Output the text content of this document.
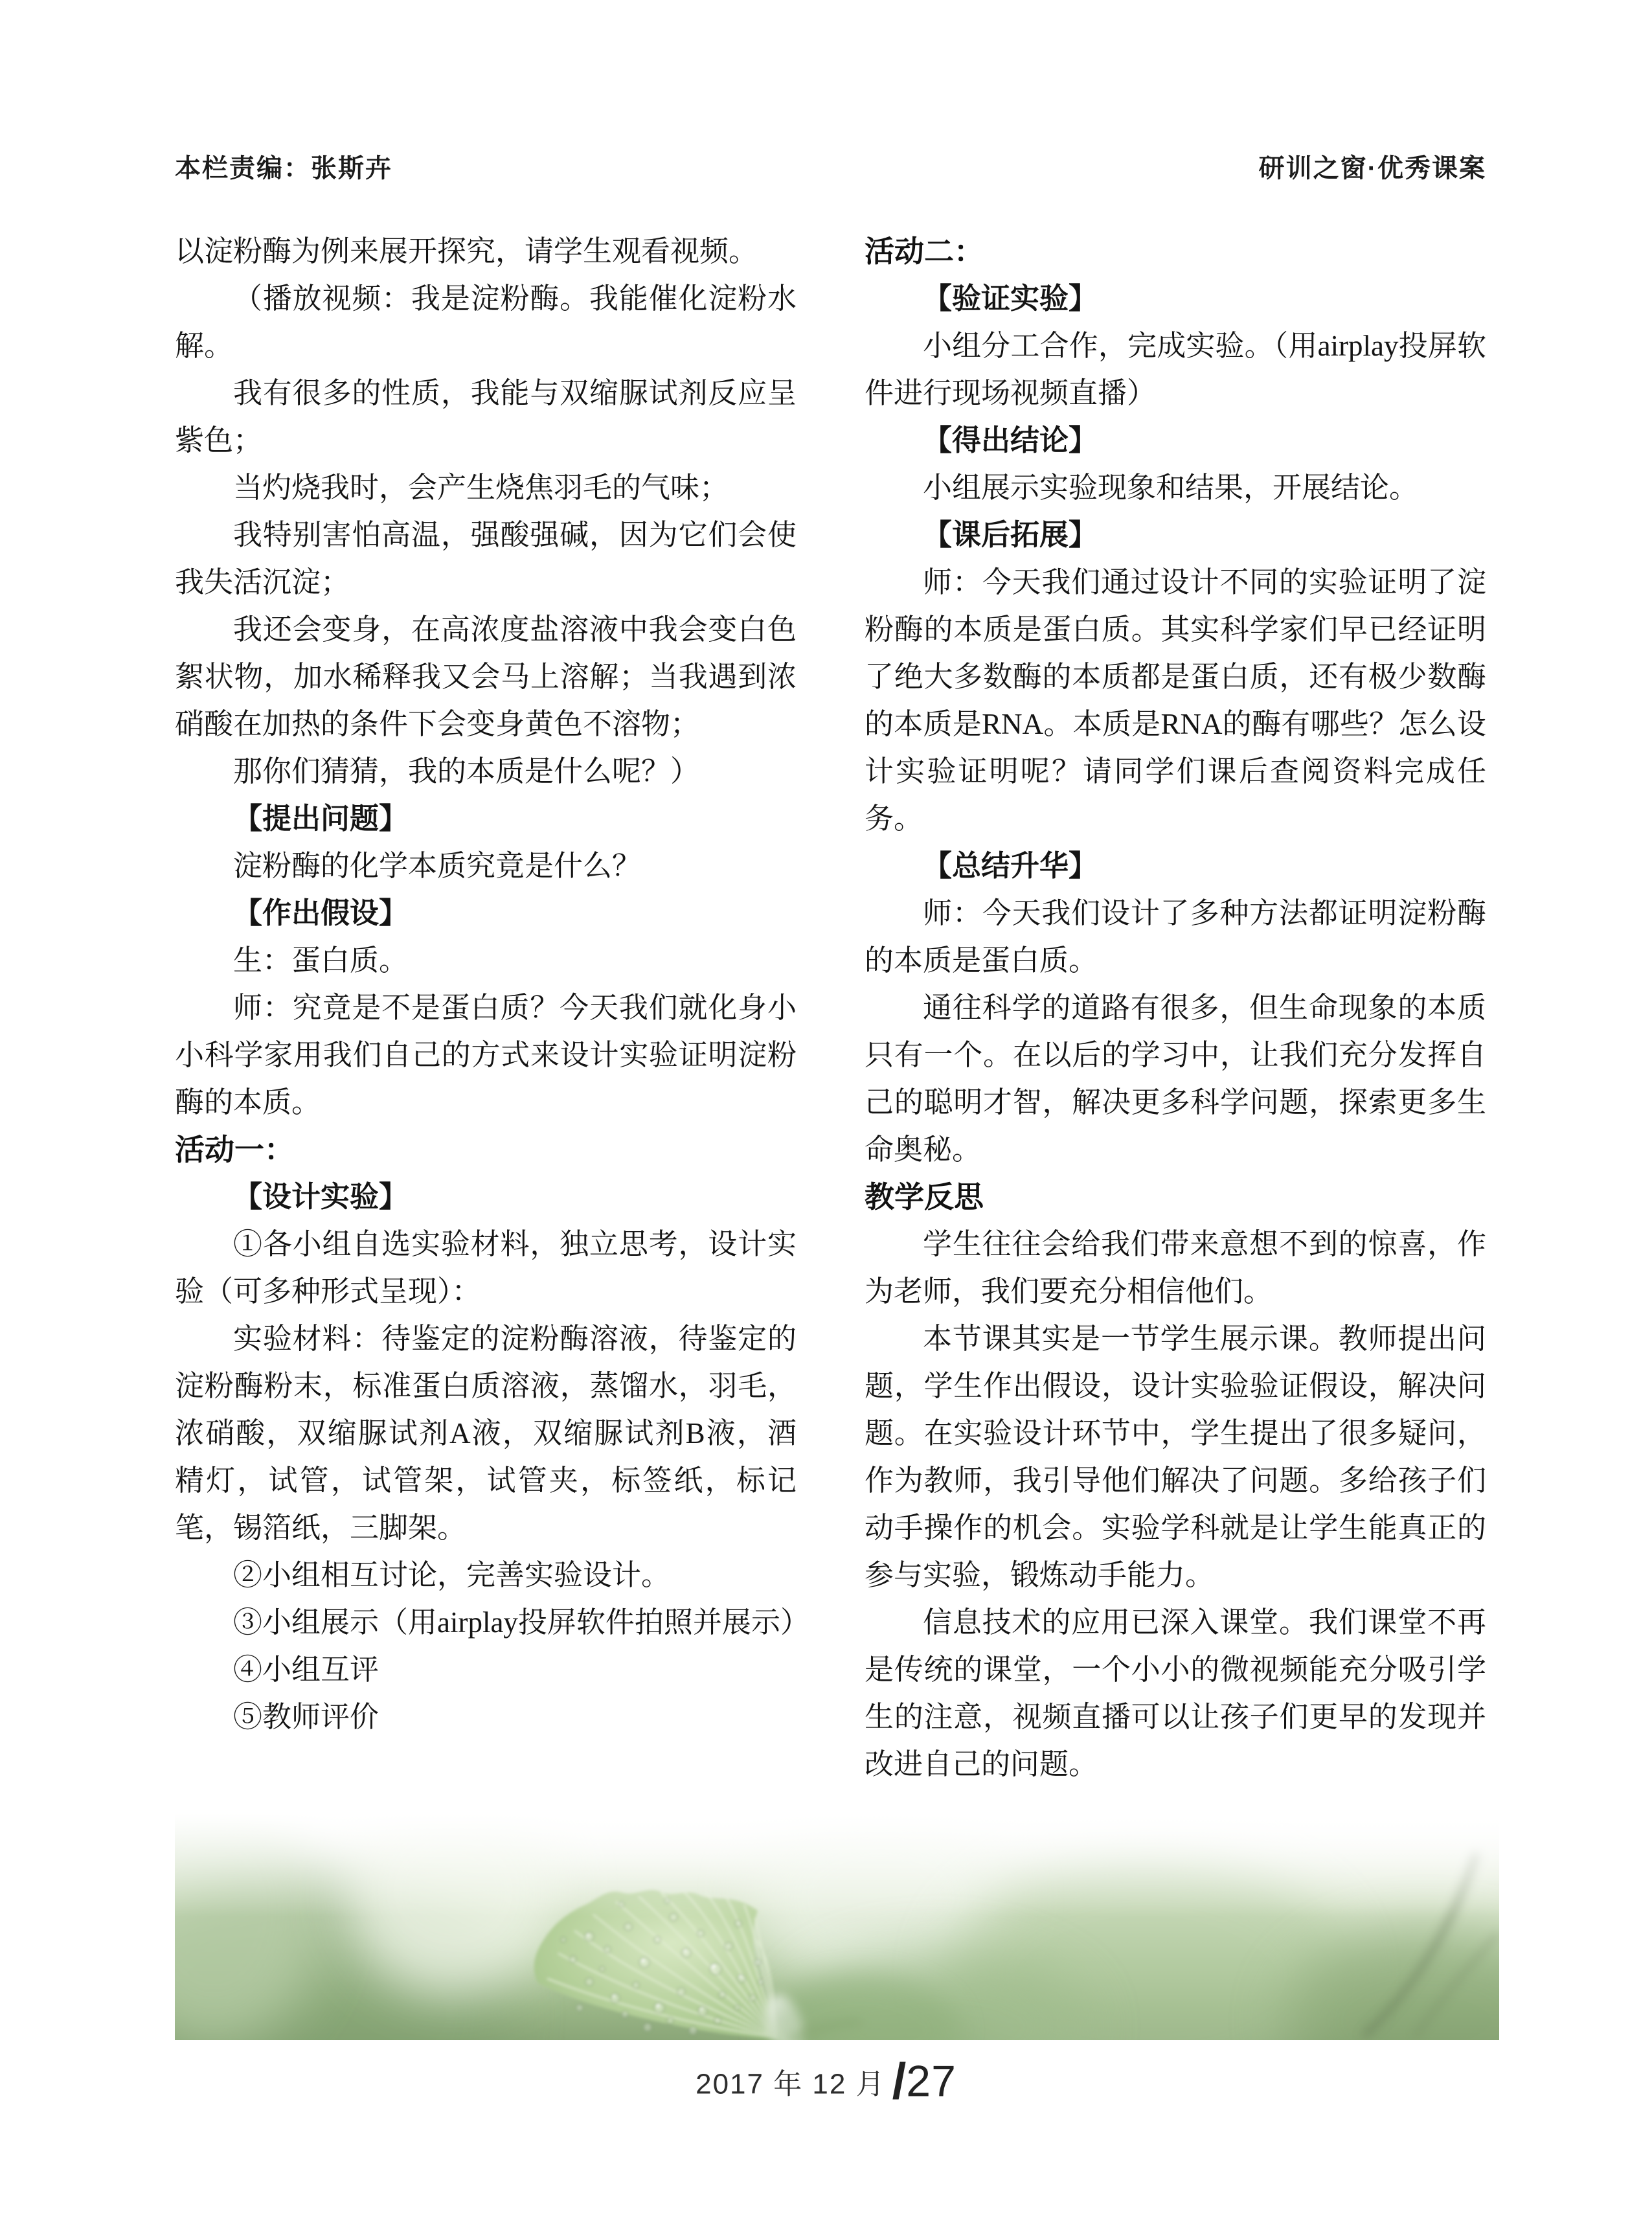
本栏责编：张斯卉	研训之窗·优秀课案

以淀粉酶为例来展开探究，请学生观看视频。

（播放视频：我是淀粉酶。我能催化淀粉水解。

我有很多的性质，我能与双缩脲试剂反应呈紫色；

当灼烧我时，会产生烧焦羽毛的气味；

我特别害怕高温，强酸强碱，因为它们会使我失活沉淀；

我还会变身，在高浓度盐溶液中我会变白色絮状物，加水稀释我又会马上溶解；当我遇到浓硝酸在加热的条件下会变身黄色不溶物；

那你们猜猜，我的本质是什么呢？）

【提出问题】

淀粉酶的化学本质究竟是什么？

【作出假设】

生：蛋白质。

师：究竟是不是蛋白质？今天我们就化身小小科学家用我们自己的方式来设计实验证明淀粉酶的本质。

活动一：

【设计实验】

①各小组自选实验材料，独立思考，设计实验（可多种形式呈现）：

实验材料：待鉴定的淀粉酶溶液，待鉴定的淀粉酶粉末，标准蛋白质溶液，蒸馏水，羽毛，浓硝酸，双缩脲试剂A液，双缩脲试剂B液，酒精灯，试管，试管架，试管夹，标签纸，标记笔，锡箔纸，三脚架。

②小组相互讨论，完善实验设计。

③小组展示（用airplay投屏软件拍照并展示）

④小组互评

⑤教师评价

活动二：

【验证实验】

小组分工合作，完成实验。（用airplay投屏软件进行现场视频直播）

【得出结论】

小组展示实验现象和结果，开展结论。

【课后拓展】

师：今天我们通过设计不同的实验证明了淀粉酶的本质是蛋白质。其实科学家们早已经证明了绝大多数酶的本质都是蛋白质，还有极少数酶的本质是RNA。本质是RNA的酶有哪些？怎么设计实验证明呢？请同学们课后查阅资料完成任务。

【总结升华】

师：今天我们设计了多种方法都证明淀粉酶的本质是蛋白质。

通往科学的道路有很多，但生命现象的本质只有一个。在以后的学习中，让我们充分发挥自己的聪明才智，解决更多科学问题，探索更多生命奥秘。

教学反思

学生往往会给我们带来意想不到的惊喜，作为老师，我们要充分相信他们。

本节课其实是一节学生展示课。教师提出问题，学生作出假设，设计实验验证假设，解决问题。在实验设计环节中，学生提出了很多疑问，作为教师，我引导他们解决了问题。多给孩子们动手操作的机会。实验学科就是让学生能真正的参与实验，锻炼动手能力。

信息技术的应用已深入课堂。我们课堂不再是传统的课堂，一个小小的微视频能充分吸引学生的注意，视频直播可以让孩子们更早的发现并改进自己的问题。

2017 年 12 月 /27
